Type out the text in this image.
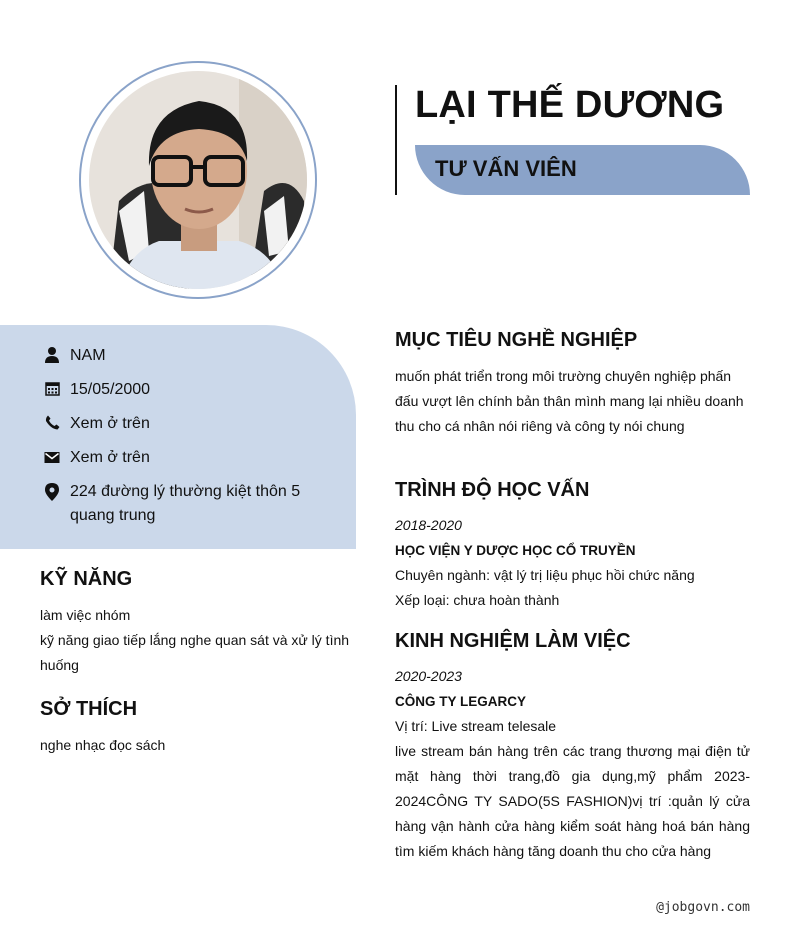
LẠI THẾ DƯƠNG
TƯ VẤN VIÊN
NAM
15/05/2000
Xem ở trên
Xem ở trên
224 đường lý thường kiệt thôn 5 quang trung
KỸ NĂNG
làm việc nhóm
kỹ năng giao tiếp lắng nghe quan sát và xử lý tình huống
SỞ THÍCH
nghe nhạc đọc sách
MỤC TIÊU NGHỀ NGHIỆP
muốn phát triển trong môi trường chuyên nghiệp phấn đấu vượt lên chính bản thân mình mang lại nhiều doanh thu cho cá nhân nói riêng và công ty nói chung
TRÌNH ĐỘ HỌC VẤN
2018-2020
HỌC VIỆN Y DƯỢC HỌC CỔ TRUYỀN
Chuyên ngành: vật lý trị liệu phục hồi chức năng
Xếp loại: chưa hoàn thành
KINH NGHIỆM LÀM VIỆC
2020-2023
CÔNG TY LEGARCY
Vị trí: Live stream telesale
live stream bán hàng trên các trang thương mại điện tử mặt hàng thời trang,đồ gia dụng,mỹ phẩm 2023-2024CÔNG TY SADO(5S FASHION)vị trí :quản lý cửa hàng vận hành cửa hàng kiểm soát hàng hoá bán hàng tìm kiếm khách hàng tăng doanh thu cho cửa hàng
@jobgovn.com
